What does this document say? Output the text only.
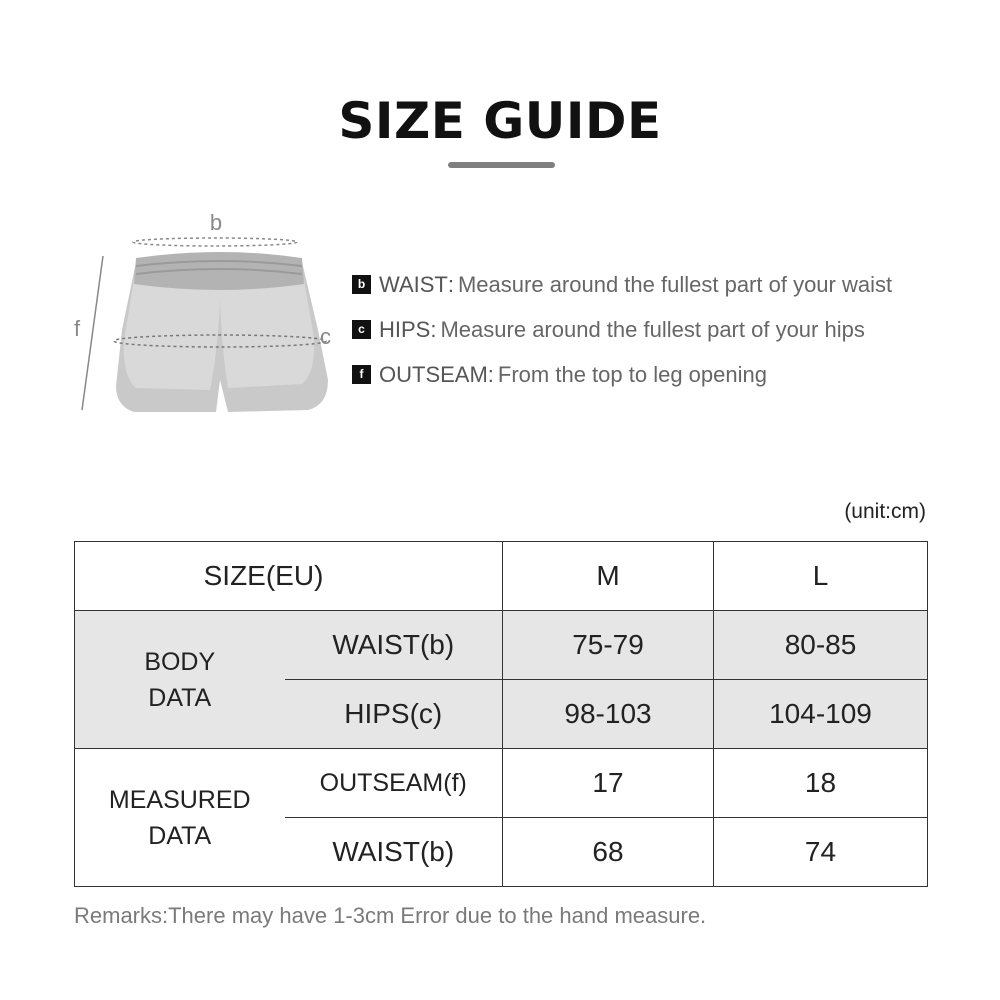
SIZE GUIDE
b
f	c
b WAIST : Measure around the fullest part of your waist
c HIPS : Measure around the fullest part of your hips
f OUTSEAM : From the top to leg opening
(unit:cm)
SIZE(EU)		M	L

BODY
DATA	WAIST(b)	75-79	80-85
	HIPS(c)	98-103	104-109

MEASURED
DATA	OUTSEAM(f)	17	18
	WAIST(b)	68	74
Remarks:There may have 1-3cm Error due to the hand measure.
